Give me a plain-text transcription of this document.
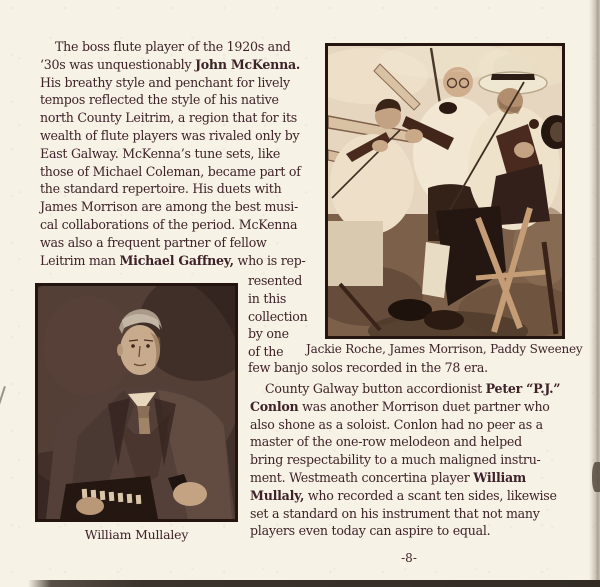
The boss flute player of the 1920s and
‘30s was unquestionably John McKenna.
His breathy style and penchant for lively
tempos reflected the style of his native
north County Leitrim, a region that for its
wealth of flute players was rivaled only by
East Galway. McKenna’s tune sets, like
those of Michael Coleman, became part of
the standard repertoire. His duets with
James Morrison are among the best musi-
cal collaborations of the period. McKenna
was also a frequent partner of fellow
Leitrim man Michael Gaffney, who is rep-
resented
in this
collection
by one
of the	Jackie Roche, James Morrison, Paddy Sweeney
few banjo solos recorded in the 78 era.
County Galway button accordionist Peter “P.J.”
Conlon was another Morrison duet partner who
also shone as a soloist. Conlon had no peer as a
master of the one-row melodeon and helped
bring respectability to a much maligned instru-
ment. Westmeath concertina player William
Mullaly, who recorded a scant ten sides, likewise
set a standard on his instrument that not many
players even today can aspire to equal.
William Mullaley
-8-
